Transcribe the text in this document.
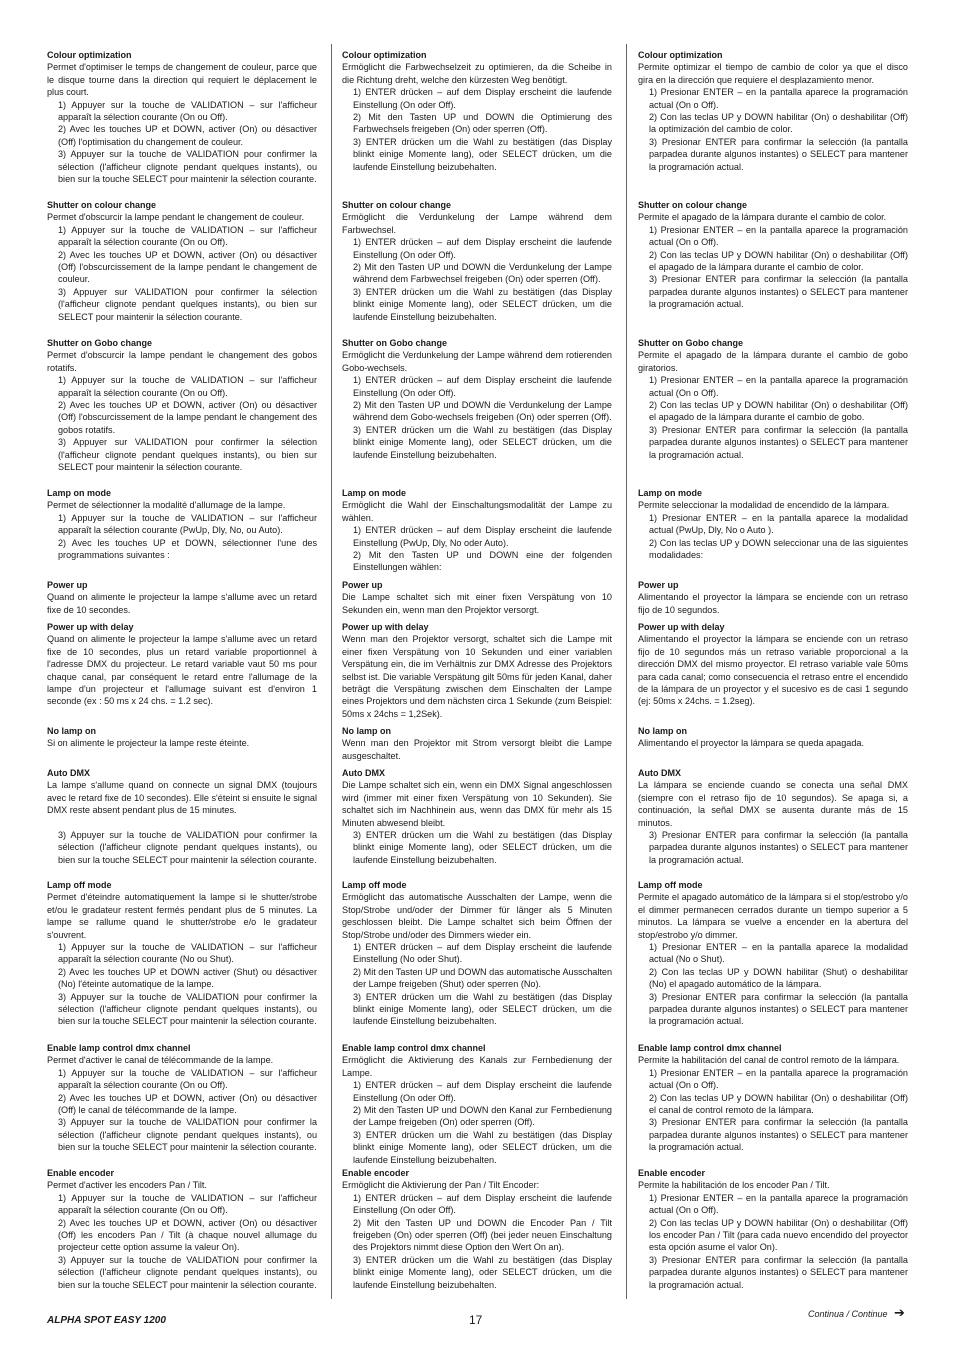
Colour optimization
Permet d'optimiser le temps de changement de couleur, parce que le disque tourne dans la direction qui requiert le déplacement le plus court.
1) Appuyer sur la touche de VALIDATION – sur l'afficheur apparaît la sélection courante (On ou Off).
2) Avec les touches UP et DOWN, activer (On) ou désactiver (Off) l'optimisation du changement de couleur.
3) Appuyer sur la touche de VALIDATION pour confirmer la sélection (l'afficheur clignote pendant quelques instants), ou bien sur la touche SELECT pour maintenir la sélection courante.
Shutter on colour change
Permet d'obscurcir la lampe pendant le changement de couleur.
1) Appuyer sur la touche de VALIDATION – sur l'afficheur apparaît la sélection courante (On ou Off).
2) Avec les touches UP et DOWN, activer (On) ou désactiver (Off) l'obscurcissement de la lampe pendant le changement de couleur.
3) Appuyer sur VALIDATION pour confirmer la sélection (l'afficheur clignote pendant quelques instants), ou bien sur SELECT pour maintenir la sélection courante.
Shutter on Gobo change
Permet d'obscurcir la lampe pendant le changement des gobos rotatifs.
1) Appuyer sur la touche de VALIDATION – sur l'afficheur apparaît la sélection courante (On ou Off).
2) Avec les touches UP et DOWN, activer (On) ou désactiver (Off) l'obscurcissement de la lampe pendant le changement des gobos rotatifs.
3) Appuyer sur VALIDATION pour confirmer la sélection (l'afficheur clignote pendant quelques instants), ou bien sur SELECT pour maintenir la sélection courante.
Lamp on mode
Permet de sélectionner la modalité d'allumage de la lampe.
1) Appuyer sur la touche de VALIDATION – sur l'afficheur apparaît la sélection courante (PwUp, Dly, No, ou Auto).
2) Avec les touches UP et DOWN, sélectionner l'une des programmations suivantes :
Power up
Quand on alimente le projecteur la lampe s'allume avec un retard fixe de 10 secondes.
Power up with delay
Quand on alimente le projecteur la lampe s'allume avec un retard fixe de 10 secondes, plus un retard variable proportionnel à l'adresse DMX du projecteur. Le retard variable vaut 50 ms pour chaque canal, par conséquent le retard entre l'allumage de la lampe d'un projecteur et l'allumage suivant est d'environ 1 seconde (ex : 50 ms x 24 chs. = 1.2 sec).
No lamp on
Si on alimente le projecteur la lampe reste éteinte.
Auto DMX
La lampe s'allume quand on connecte un signal DMX (toujours avec le retard fixe de 10 secondes). Elle s'éteint si ensuite le signal DMX reste absent pendant plus de 15 minutes.
3) Appuyer sur la touche de VALIDATION pour confirmer la sélection (l'afficheur clignote pendant quelques instants), ou bien sur la touche SELECT pour maintenir la sélection courante.
Lamp off mode
Permet d'éteindre automatiquement la lampe si le shutter/strobe et/ou le gradateur restent fermés pendant plus de 5 minutes. La lampe se rallume quand le shutter/strobe e/o le gradateur s'ouvrent.
1) Appuyer sur la touche de VALIDATION – sur l'afficheur apparaît la sélection courante (No ou Shut).
2) Avec les touches UP et DOWN activer (Shut) ou désactiver (No) l'éteinte automatique de la lampe.
3) Appuyer sur la touche de VALIDATION pour confirmer la sélection (l'afficheur clignote pendant quelques instants), ou bien sur la touche SELECT pour maintenir la sélection courante.
Enable lamp control dmx channel
Permet d'activer le canal de télécommande de la lampe.
1) Appuyer sur la touche de VALIDATION – sur l'afficheur apparaît la sélection courante (On ou Off).
2) Avec les touches UP et DOWN, activer (On) ou désactiver (Off) le canal de télécommande de la lampe.
3) Appuyer sur la touche de VALIDATION pour confirmer la sélection (l'afficheur clignote pendant quelques instants), ou bien sur la touche SELECT pour maintenir la sélection courante.
Enable encoder
Permet d'activer les encoders Pan / Tilt.
1) Appuyer sur la touche de VALIDATION – sur l'afficheur apparaît la sélection courante (On ou Off).
2) Avec les touches UP et DOWN, activer (On) ou désactiver (Off) les encoders Pan / Tilt (à chaque nouvel allumage du projecteur cette option assume la valeur On).
3) Appuyer sur la touche de VALIDATION pour confirmer la sélection (l'afficheur clignote pendant quelques instants), ou bien sur la touche SELECT pour maintenir la sélection courante.
Colour optimization
Ermöglicht die Farbwechselzeit zu optimieren, da die Scheibe in die Richtung dreht, welche den kürzesten Weg benötigt.
1) ENTER drücken – auf dem Display erscheint die laufende Einstellung (On oder Off).
2) Mit den Tasten UP und DOWN die Optimierung des Farbwechsels freigeben (On) oder sperren (Off).
3) ENTER drücken um die Wahl zu bestätigen (das Display blinkt einige Momente lang), oder SELECT drücken, um die laufende Einstellung beizubehalten.
Shutter on colour change
Ermöglicht die Verdunkelung der Lampe während dem Farbwechsel.
1) ENTER drücken – auf dem Display erscheint die laufende Einstellung (On oder Off).
2) Mit den Tasten UP und DOWN die Verdunkelung der Lampe während dem Farbwechsel freigeben (On) oder sperren (Off).
3) ENTER drücken um die Wahl zu bestätigen (das Display blinkt einige Momente lang), oder SELECT drücken, um die laufende Einstellung beizubehalten.
Shutter on Gobo change
Ermöglicht die Verdunkelung der Lampe während dem rotierenden Gobo-wechsels.
1) ENTER drücken – auf dem Display erscheint die laufende Einstellung (On oder Off).
2) Mit den Tasten UP und DOWN die Verdunkelung der Lampe während dem Gobo-wechsels freigeben (On) oder sperren (Off).
3) ENTER drücken um die Wahl zu bestätigen (das Display blinkt einige Momente lang), oder SELECT drücken, um die laufende Einstellung beizubehalten.
Lamp on mode
Ermöglicht die Wahl der Einschaltungsmodalität der Lampe zu wählen.
1) ENTER drücken – auf dem Display erscheint die laufende Einstellung (PwUp, Dly, No oder Auto).
2) Mit den Tasten UP und DOWN eine der folgenden Einstellungen wählen:
Power up
Die Lampe schaltet sich mit einer fixen Verspätung von 10 Sekunden ein, wenn man den Projektor versorgt.
Power up with delay
Wenn man den Projektor versorgt, schaltet sich die Lampe mit einer fixen Verspätung von 10 Sekunden und einer variablen Verspätung ein, die im Verhältnis zur DMX Adresse des Projektors selbst ist. Die variable Verspätung gilt 50ms für jeden Kanal, daher beträgt die Verspätung zwischen dem Einschalten der Lampe eines Projektors und dem nächsten circa 1 Sekunde (zum Beispiel: 50ms x 24chs = 1,2Sek).
No lamp on
Wenn man den Projektor mit Strom versorgt bleibt die Lampe ausgeschaltet.
Auto DMX
Die Lampe schaltet sich ein, wenn ein DMX Signal angeschlossen wird (immer mit einer fixen Verspätung von 10 Sekunden). Sie schaltet sich im Nachhinein aus, wenn das DMX für mehr als 15 Minuten abwesend bleibt.
3) ENTER drücken um die Wahl zu bestätigen (das Display blinkt einige Momente lang), oder SELECT drücken, um die laufende Einstellung beizubehalten.
Lamp off mode
Ermöglicht das automatische Ausschalten der Lampe, wenn die Stop/Strobe und/oder der Dimmer für länger als 5 Minuten geschlossen bleibt. Die Lampe schaltet sich beim Öffnen der Stop/Strobe und/oder des Dimmers wieder ein.
1) ENTER drücken – auf dem Display erscheint die laufende Einstellung (No oder Shut).
2) Mit den Tasten UP und DOWN das automatische Ausschalten der Lampe freigeben (Shut) oder sperren (No).
3) ENTER drücken um die Wahl zu bestätigen (das Display blinkt einige Momente lang), oder SELECT drücken, um die laufende Einstellung beizubehalten.
Enable lamp control dmx channel
Ermöglicht die Aktivierung des Kanals zur Fernbedienung der Lampe.
1) ENTER drücken – auf dem Display erscheint die laufende Einstellung (On oder Off).
2) Mit den Tasten UP und DOWN den Kanal zur Fernbedienung der Lampe freigeben (On) oder sperren (Off).
3) ENTER drücken um die Wahl zu bestätigen (das Display blinkt einige Momente lang), oder SELECT drücken, um die laufende Einstellung beizubehalten.
Enable encoder
Ermöglicht die Aktivierung der Pan / Tilt Encoder:
1) ENTER drücken – auf dem Display erscheint die laufende Einstellung (On oder Off).
2) Mit den Tasten UP und DOWN die Encoder Pan / Tilt freigeben (On) oder sperren (Off) (bei jeder neuen Einschaltung des Projektors nimmt diese Option den Wert On an).
3) ENTER drücken um die Wahl zu bestätigen (das Display blinkt einige Momente lang), oder SELECT drücken, um die laufende Einstellung beizubehalten.
Colour optimization
Permite optimizar el tiempo de cambio de color ya que el disco gira en la dirección que requiere el desplazamiento menor.
1) Presionar ENTER – en la pantalla aparece la programación actual (On o Off).
2) Con las teclas UP y DOWN habilitar (On) o deshabilitar (Off) la optimización del cambio de color.
3) Presionar ENTER para confirmar la selección (la pantalla parpadea durante algunos instantes) o SELECT para mantener la programación actual.
Shutter on colour change
Permite el apagado de la lámpara durante el cambio de color.
1) Presionar ENTER – en la pantalla aparece la programación actual (On o Off).
2) Con las teclas UP y DOWN habilitar (On) o deshabilitar (Off) el apagado de la lámpara durante el cambio de color.
3) Presionar ENTER para confirmar la selección (la pantalla parpadea durante algunos instantes) o SELECT para mantener la programación actual.
Shutter on Gobo change
Permite el apagado de la lámpara durante el cambio de gobo giratorios.
1) Presionar ENTER – en la pantalla aparece la programación actual (On o Off).
2) Con las teclas UP y DOWN habilitar (On) o deshabilitar (Off) el apagado de la lámpara durante el cambio de gobo.
3) Presionar ENTER para confirmar la selección (la pantalla parpadea durante algunos instantes) o SELECT para mantener la programación actual.
Lamp on mode
Permite seleccionar la modalidad de encendido de la lámpara.
1) Presionar ENTER – en la pantalla aparece la modalidad actual (PwUp, Dly, No o Auto ).
2) Con las teclas UP y DOWN seleccionar una de las siguientes modalidades:
Power up
Alimentando el proyector la lámpara se enciende con un retraso fijo de 10 segundos.
Power up with delay
Alimentando el proyector la lámpara se enciende con un retraso fijo de 10 segundos más un retraso variable proporcional a la dirección DMX del mismo proyector. El retraso variable vale 50ms para cada canal; como consecuencia el retraso entre el encendido de la lámpara de un proyector y el sucesivo es de casi 1 segundo (ej: 50ms x 24chs. = 1.2seg).
No lamp on
Alimentando el proyector la lámpara se queda apagada.
Auto DMX
La lámpara se enciende cuando se conecta una señal DMX (siempre con el retraso fijo de 10 segundos). Se apaga si, a continuación, la señal DMX se ausenta durante más de 15 minutos.
3) Presionar ENTER para confirmar la selección (la pantalla parpadea durante algunos instantes) o SELECT para mantener la programación actual.
Lamp off mode
Permite el apagado automático de la lámpara si el stop/estrobo y/o el dimmer permanecen cerrados durante un tiempo superior a 5 minutos. La lámpara se vuelve a encender en la abertura del stop/estrobo y/o dimmer.
1) Presionar ENTER – en la pantalla aparece la modalidad actual (No o Shut).
2) Con las teclas UP y DOWN habilitar (Shut) o deshabilitar (No) el apagado automático de la lámpara.
3) Presionar ENTER para confirmar la selección (la pantalla parpadea durante algunos instantes) o SELECT para mantener la programación actual.
Enable lamp control dmx channel
Permite la habilitación del canal de control remoto de la lámpara.
1) Presionar ENTER – en la pantalla aparece la programación actual (On o Off).
2) Con las teclas UP y DOWN habilitar (On) o deshabilitar (Off) el canal de control remoto de la lámpara.
3) Presionar ENTER para confirmar la selección (la pantalla parpadea durante algunos instantes) o SELECT para mantener la programación actual.
Enable encoder
Permite la habilitación de los encoder Pan / Tilt.
1) Presionar ENTER – en la pantalla aparece la programación actual (On o Off).
2) Con las teclas UP y DOWN habilitar (On) o deshabilitar (Off) los encoder Pan / Tilt (para cada nuevo encendido del proyector esta opción asume el valor On).
3) Presionar ENTER para confirmar la selección (la pantalla parpadea durante algunos instantes) o SELECT para mantener la programación actual.
ALPHA SPOT EASY 1200	17	Continua / Continue ➔
